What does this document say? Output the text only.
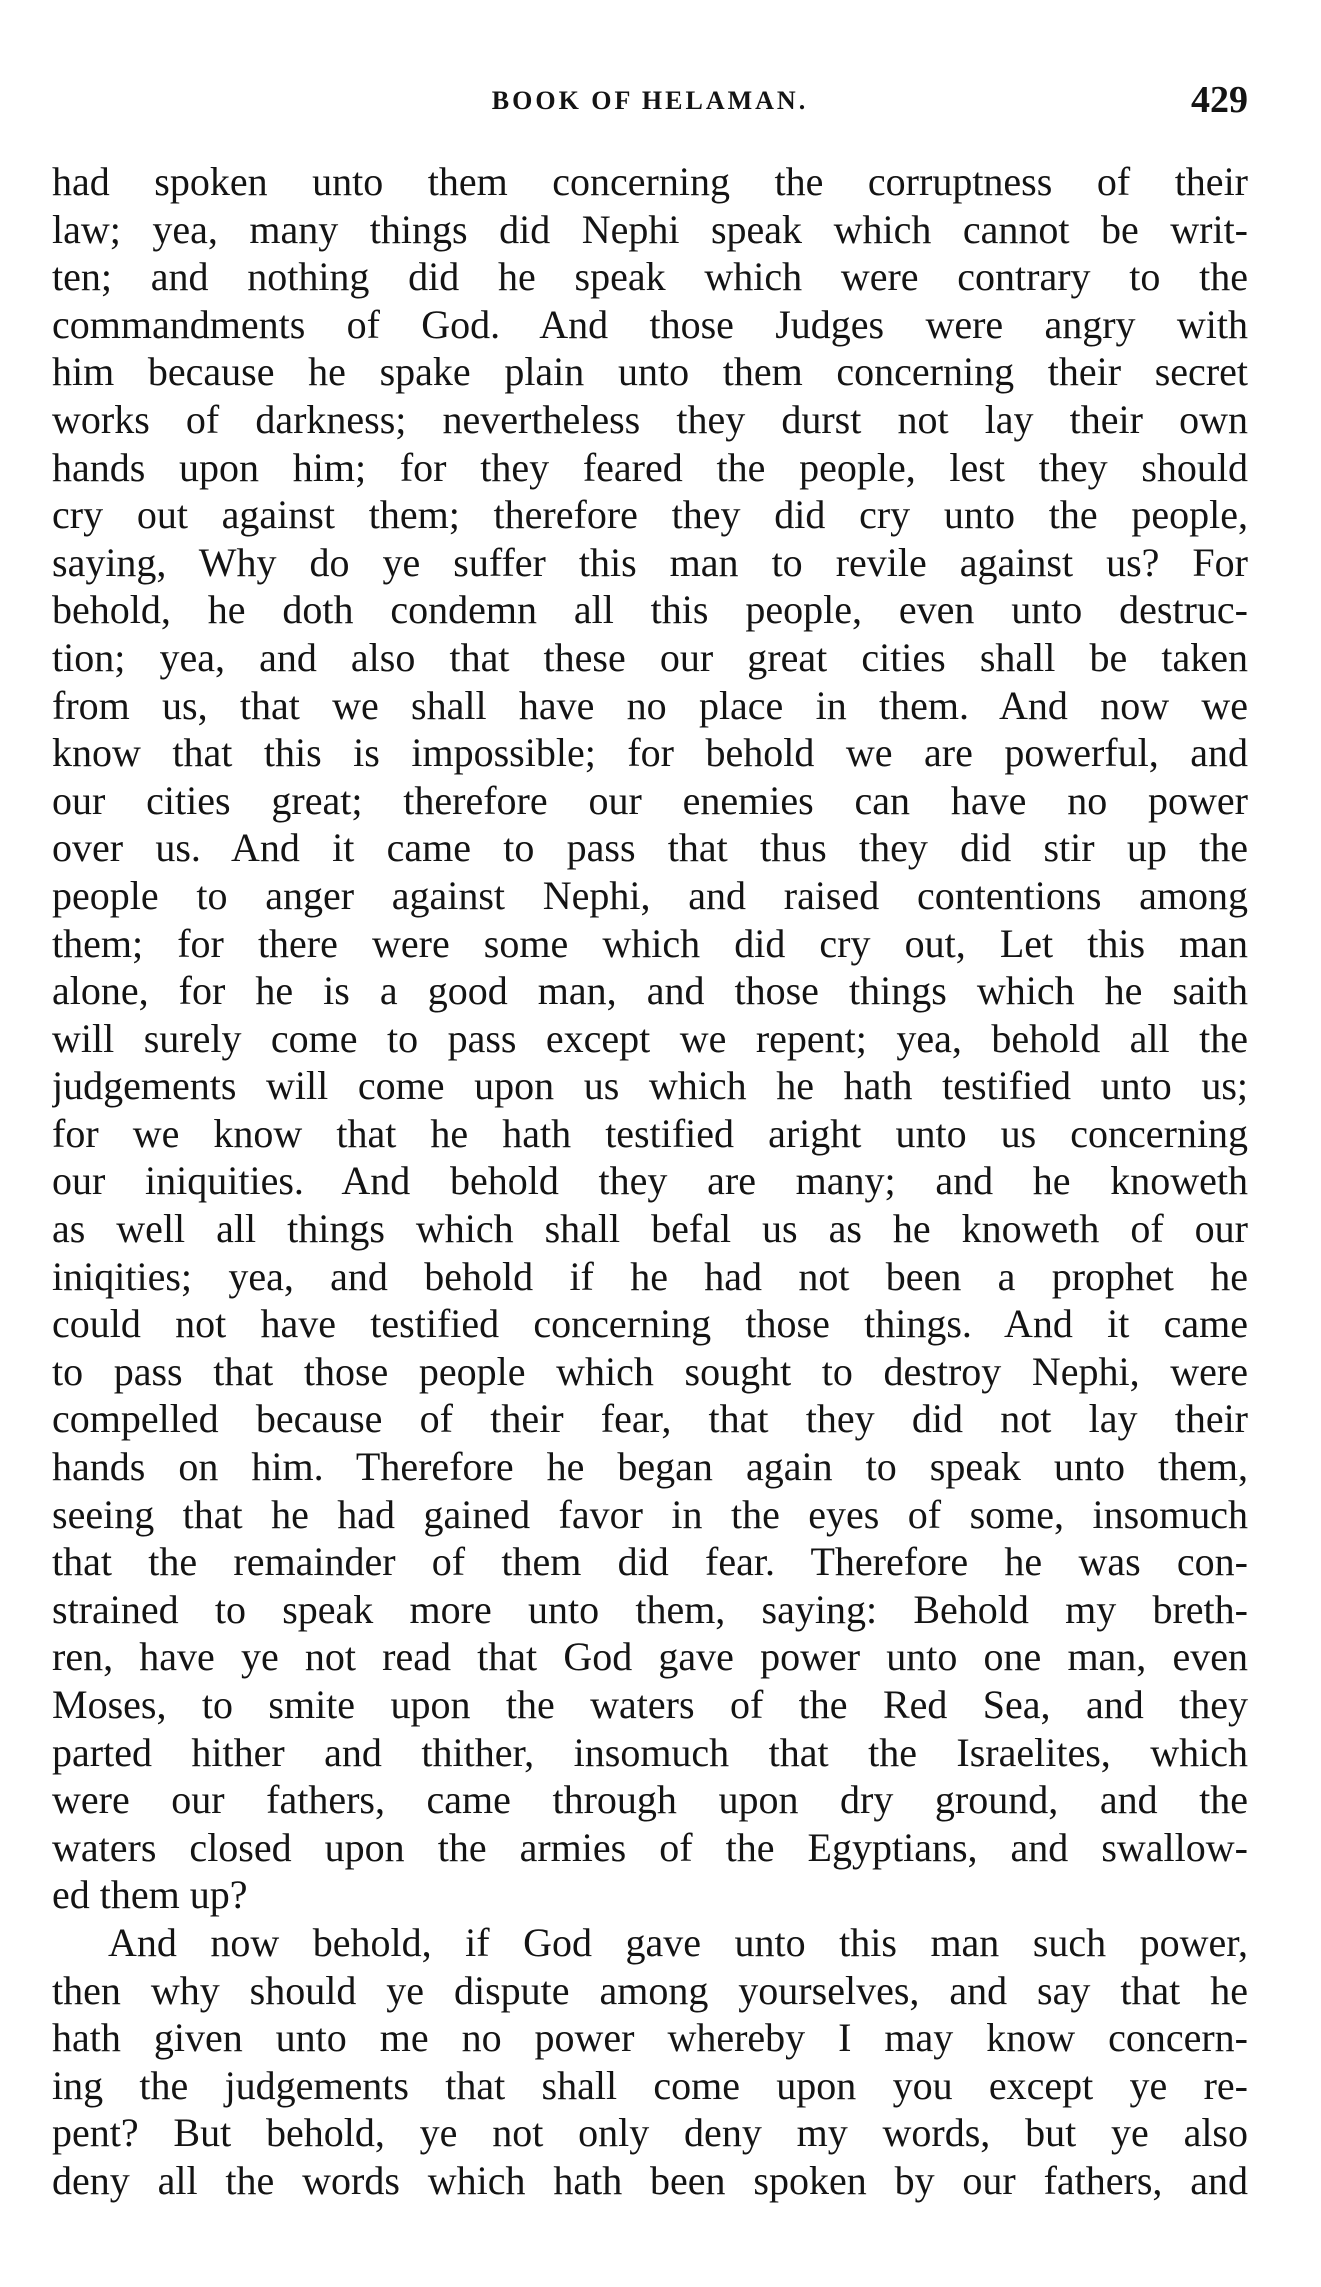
BOOK OF HELAMAN.	429
had spoken unto them concerning the corruptness of their
law; yea, many things did Nephi speak which cannot be writ-
ten; and nothing did he speak which were contrary to the
commandments of God. And those Judges were angry with
him because he spake plain unto them concerning their secret
works of darkness; nevertheless they durst not lay their own
hands upon him; for they feared the people, lest they should
cry out against them; therefore they did cry unto the people,
saying, Why do ye suffer this man to revile against us? For
behold, he doth condemn all this people, even unto destruc-
tion; yea, and also that these our great cities shall be taken
from us, that we shall have no place in them. And now we
know that this is impossible; for behold we are powerful, and
our cities great; therefore our enemies can have no power
over us. And it came to pass that thus they did stir up the
people to anger against Nephi, and raised contentions among
them; for there were some which did cry out, Let this man
alone, for he is a good man, and those things which he saith
will surely come to pass except we repent; yea, behold all the
judgements will come upon us which he hath testified unto us;
for we know that he hath testified aright unto us concerning
our iniquities. And behold they are many; and he knoweth
as well all things which shall befal us as he knoweth of our
iniqities; yea, and behold if he had not been a prophet he
could not have testified concerning those things. And it came
to pass that those people which sought to destroy Nephi, were
compelled because of their fear, that they did not lay their
hands on him. Therefore he began again to speak unto them,
seeing that he had gained favor in the eyes of some, insomuch
that the remainder of them did fear. Therefore he was con-
strained to speak more unto them, saying: Behold my breth-
ren, have ye not read that God gave power unto one man, even
Moses, to smite upon the waters of the Red Sea, and they
parted hither and thither, insomuch that the Israelites, which
were our fathers, came through upon dry ground, and the
waters closed upon the armies of the Egyptians, and swallow-
ed them up?
And now behold, if God gave unto this man such power,
then why should ye dispute among yourselves, and say that he
hath given unto me no power whereby I may know concern-
ing the judgements that shall come upon you except ye re-
pent? But behold, ye not only deny my words, but ye also
deny all the words which hath been spoken by our fathers, and
